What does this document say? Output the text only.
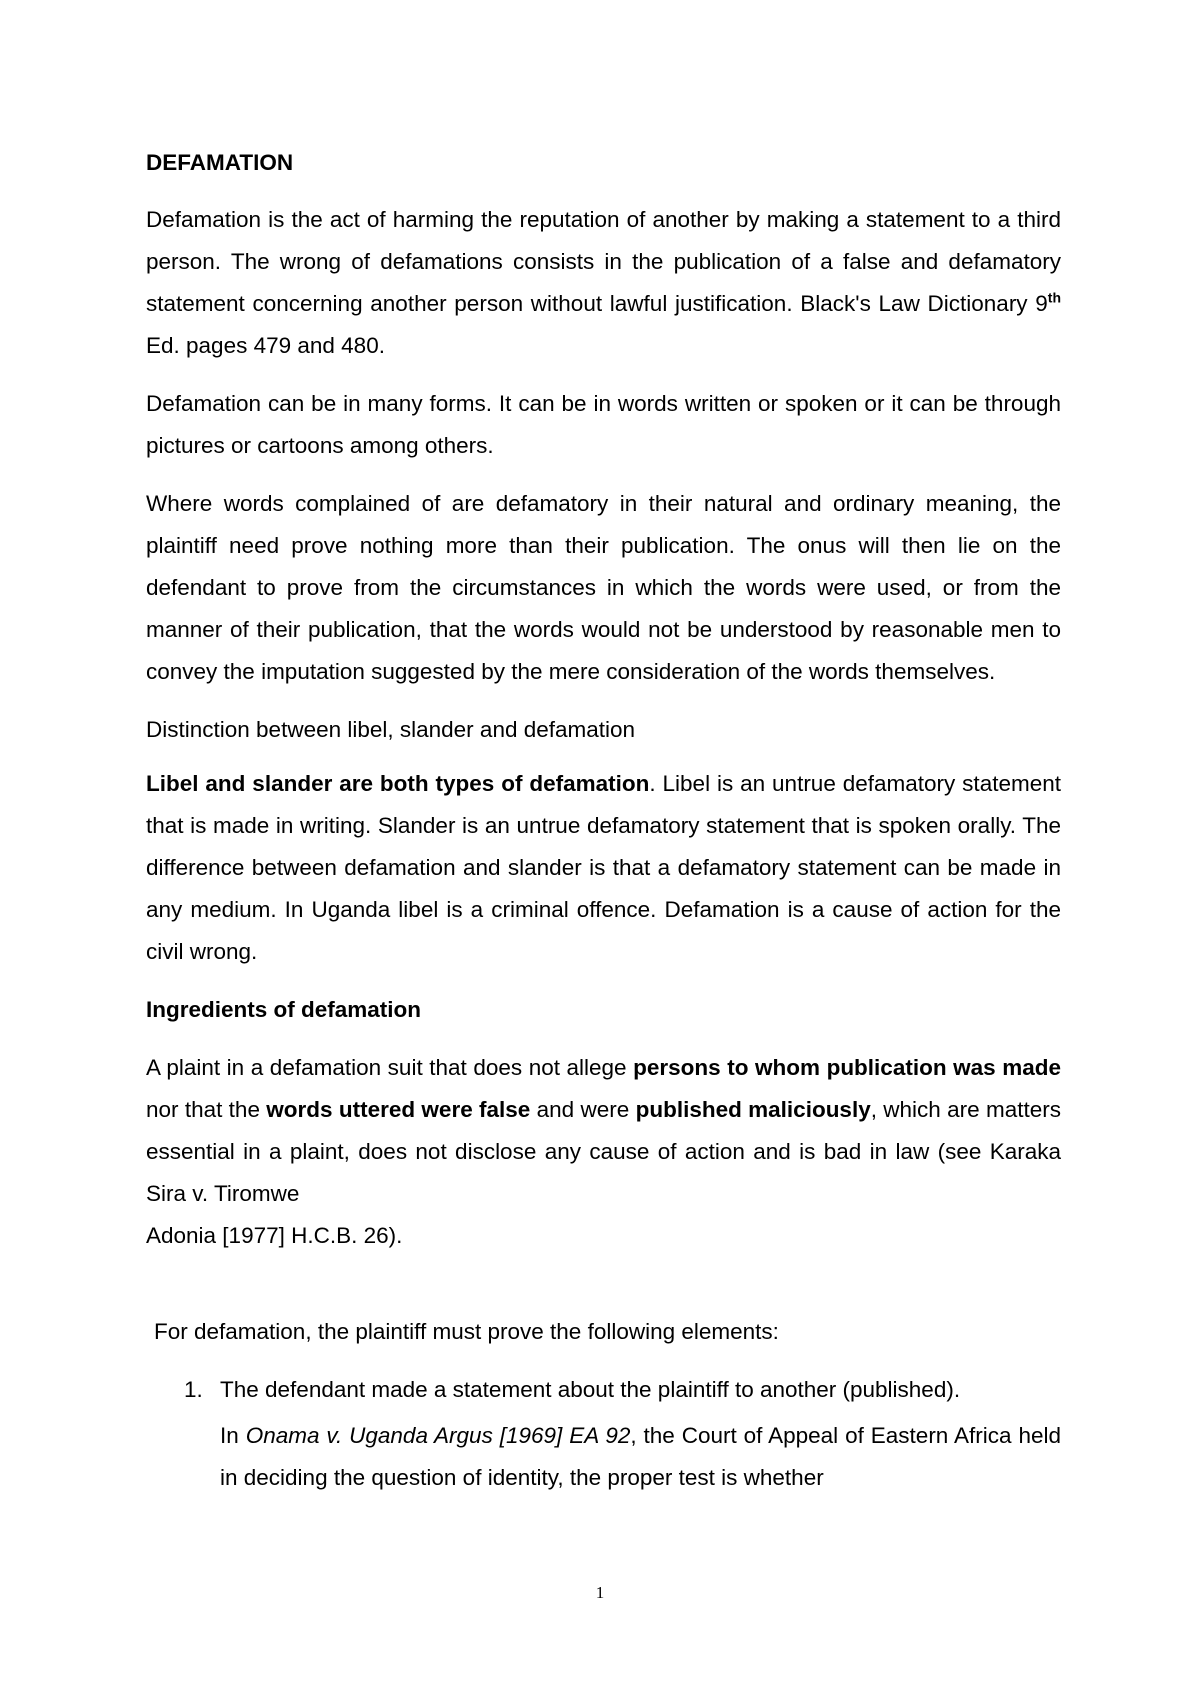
DEFAMATION
Defamation is the act of harming the reputation of another by making a statement to a third person. The wrong of defamations consists in the publication of a false and defamatory statement concerning another person without lawful justification. Black's Law Dictionary 9th Ed. pages 479 and 480.
Defamation can be in many forms. It can be in words written or spoken or it can be through pictures or cartoons among others.
Where words complained of are defamatory in their natural and ordinary meaning, the plaintiff need prove nothing more than their publication. The onus will then lie on the defendant to prove from the circumstances in which the words were used, or from the manner of their publication, that the words would not be understood by reasonable men to convey the imputation suggested by the mere consideration of the words themselves.
Distinction between libel, slander and defamation
Libel and slander are both types of defamation. Libel is an untrue defamatory statement that is made in writing. Slander is an untrue defamatory statement that is spoken orally. The difference between defamation and slander is that a defamatory statement can be made in any medium. In Uganda libel is a criminal offence. Defamation is a cause of action for the civil wrong.
Ingredients of defamation
A plaint in a defamation suit that does not allege persons to whom publication was made nor that the words uttered were false and were published maliciously, which are matters essential in a plaint, does not disclose any cause of action and is bad in law (see Karaka Sira v. Tiromwe
Adonia [1977] H.C.B. 26).
For defamation, the plaintiff must prove the following elements:
1. The defendant made a statement about the plaintiff to another (published).
In Onama v. Uganda Argus [1969] EA 92, the Court of Appeal of Eastern Africa held in deciding the question of identity, the proper test is whether
1
